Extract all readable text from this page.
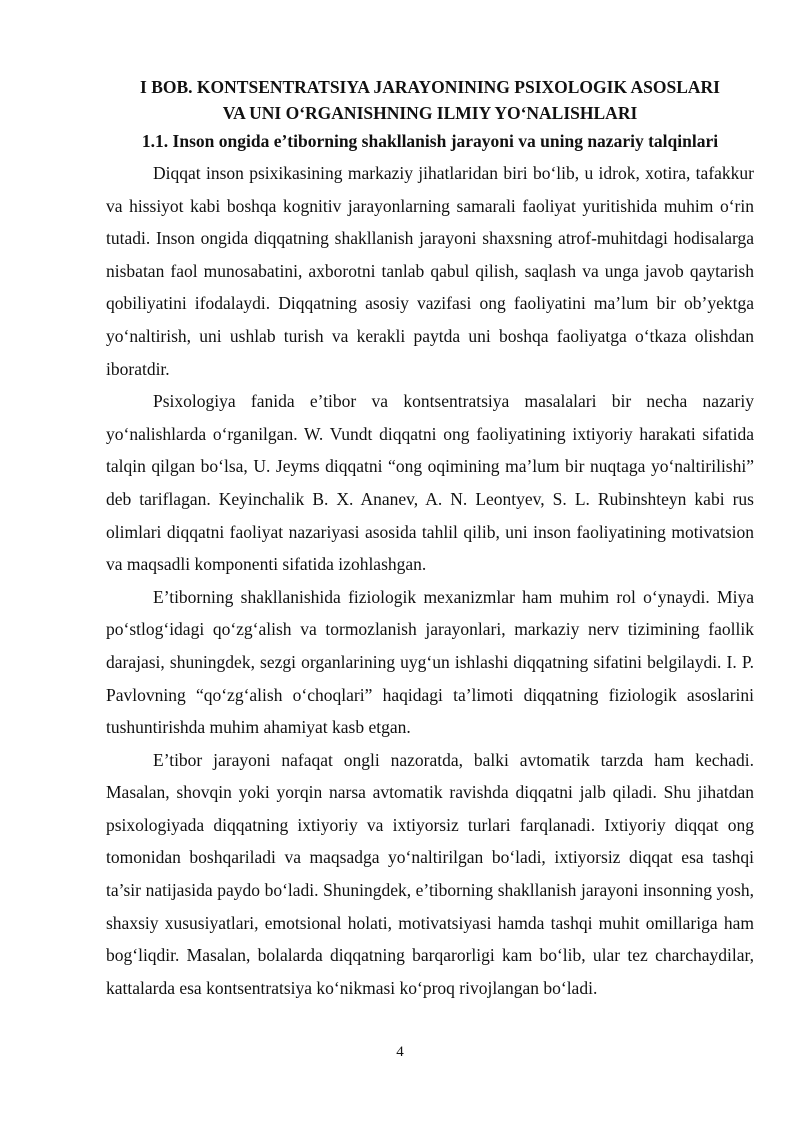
I BOB. KONTSENTRATSIYA JARAYONINING PSIXOLOGIK ASOSLARI

VA UNI O‘RGANISHNING ILMIY YO‘NALISHLARI

1.1. Inson ongida e’tiborning shakllanish jarayoni va uning nazariy talqinlari

Diqqat inson psixikasining markaziy jihatlaridan biri bo‘lib, u idrok, xotira, tafakkur va hissiyot kabi boshqa kognitiv jarayonlarning samarali faoliyat yuritishida muhim o‘rin tutadi. Inson ongida diqqatning shakllanish jarayoni shaxsning atrof-muhitdagi hodisalarga nisbatan faol munosabatini, axborotni tanlab qabul qilish, saqlash va unga javob qaytarish qobiliyatini ifodalaydi. Diqqatning asosiy vazifasi ong faoliyatini ma’lum bir ob’yektga yo‘naltirish, uni ushlab turish va kerakli paytda uni boshqa faoliyatga o‘tkaza olishdan iboratdir.

Psixologiya fanida e’tibor va kontsentratsiya masalalari bir necha nazariy yo‘nalishlarda o‘rganilgan. W. Vundt diqqatni ong faoliyatining ixtiyoriy harakati sifatida talqin qilgan bo‘lsa, U. Jeyms diqqatni “ong oqimining ma’lum bir nuqtaga yo‘naltirilishi” deb tariflagan. Keyinchalik B. X. Ananev, A. N. Leontyev, S. L. Rubinshteyn kabi rus olimlari diqqatni faoliyat nazariyasi asosida tahlil qilib, uni inson faoliyatining motivatsion va maqsadli komponenti sifatida izohlashgan.

E’tiborning shakllanishida fiziologik mexanizmlar ham muhim rol o‘ynaydi. Miya po‘stlog‘idagi qo‘zg‘alish va tormozlanish jarayonlari, markaziy nerv tizimining faollik darajasi, shuningdek, sezgi organlarining uyg‘un ishlashi diqqatning sifatini belgilaydi. I. P. Pavlovning “qo‘zg‘alish o‘choqlari” haqidagi ta’limoti diqqatning fiziologik asoslarini tushuntirishda muhim ahamiyat kasb etgan.

E’tibor jarayoni nafaqat ongli nazoratda, balki avtomatik tarzda ham kechadi. Masalan, shovqin yoki yorqin narsa avtomatik ravishda diqqatni jalb qiladi. Shu jihatdan psixologiyada diqqatning ixtiyoriy va ixtiyorsiz turlari farqlanadi. Ixtiyoriy diqqat ong tomonidan boshqariladi va maqsadga yo‘naltirilgan bo‘ladi, ixtiyorsiz diqqat esa tashqi ta’sir natijasida paydo bo‘ladi. Shuningdek, e’tiborning shakllanish jarayoni insonning yosh, shaxsiy xususiyatlari, emotsional holati, motivatsiyasi hamda tashqi muhit omillariga ham bog‘liqdir. Masalan, bolalarda diqqatning barqarorligi kam bo‘lib, ular tez charchaydilar, kattalarda esa kontsentratsiya ko‘nikmasi ko‘proq rivojlangan bo‘ladi.

4
